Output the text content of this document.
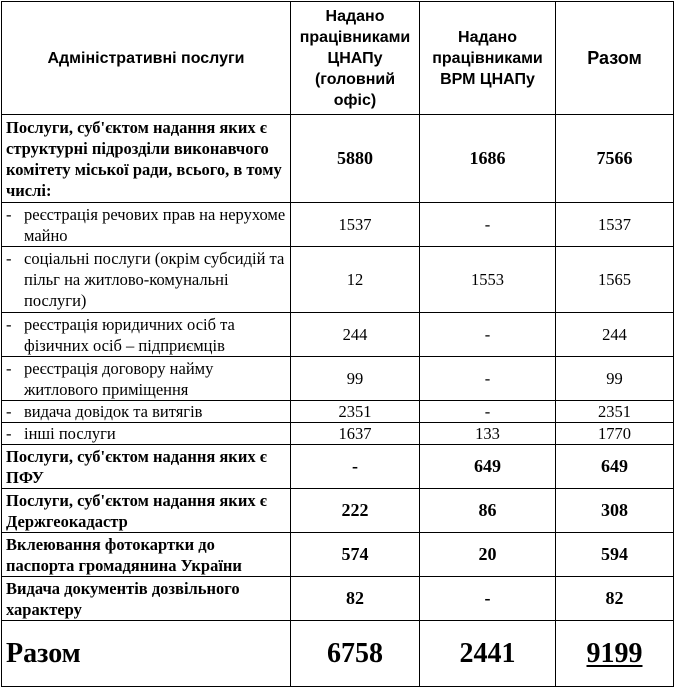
Адміністративні послуги	Надано працівниками ЦНАПу (головний офіс)	Надано працівниками ВРМ ЦНАПу	Разом
Послуги, суб'єктом надання яких є структурні підрозділи виконавчого комітету міської ради, всього, в тому числі:	5880	1686	7566

- реєстрація речових прав на нерухоме майно	1537	-	1537

- соціальні послуги (окрім субсидій та пільг на житлово-комунальні послуги)	12	1553	1565

- реєстрація юридичних осіб та фізичних осіб – підприємців	244	-	244

- реєстрація договору найму житлового приміщення	99	-	99

- видача довідок та витягів	2351	-	2351

- інші послуги	1637	133	1770
Послуги, суб'єктом надання яких є ПФУ	-	649	649
Послуги, суб'єктом надання яких є Держгеокадастр	222	86	308
Вклеювання фотокартки до паспорта громадянина України	574	20	594
Видача документів дозвільного характеру	82	-	82
Разом	6758	2441	9199
